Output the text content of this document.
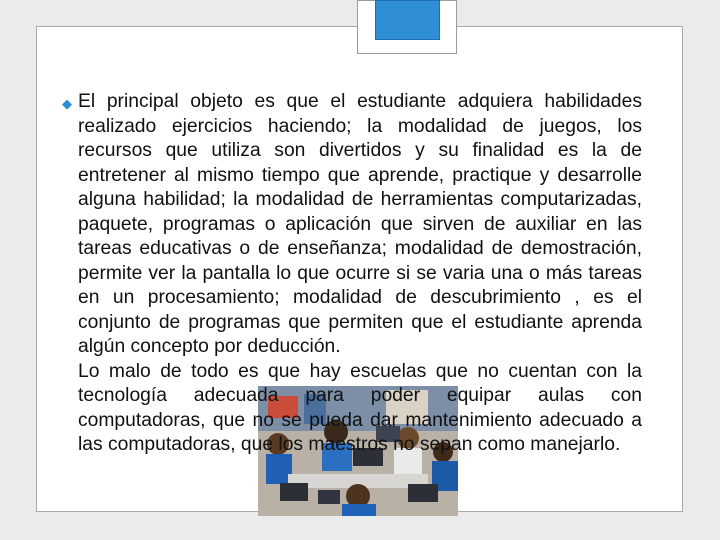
◆ El principal objeto es que el estudiante adquiera habilidades realizado ejercicios haciendo; la modalidad de juegos, los recursos que utiliza son divertidos y su finalidad es la de entretener al mismo tiempo que aprende, practique y desarrolle alguna habilidad; la modalidad de herramientas computarizadas, paquete, programas o aplicación que sirven de auxiliar en las tareas educativas o de enseñanza; modalidad de demostración, permite ver la pantalla lo que ocurre si se varia una o más tareas en un procesamiento; modalidad de descubrimiento , es el conjunto de programas que permiten que el estudiante aprenda algún concepto por deducción.

Lo malo de todo es que hay escuelas que no cuentan con la tecnología adecuada para poder equipar aulas con computadoras, que no se pueda dar mantenimiento adecuado a las computadoras, que los maestros no sepan como manejarlo.
